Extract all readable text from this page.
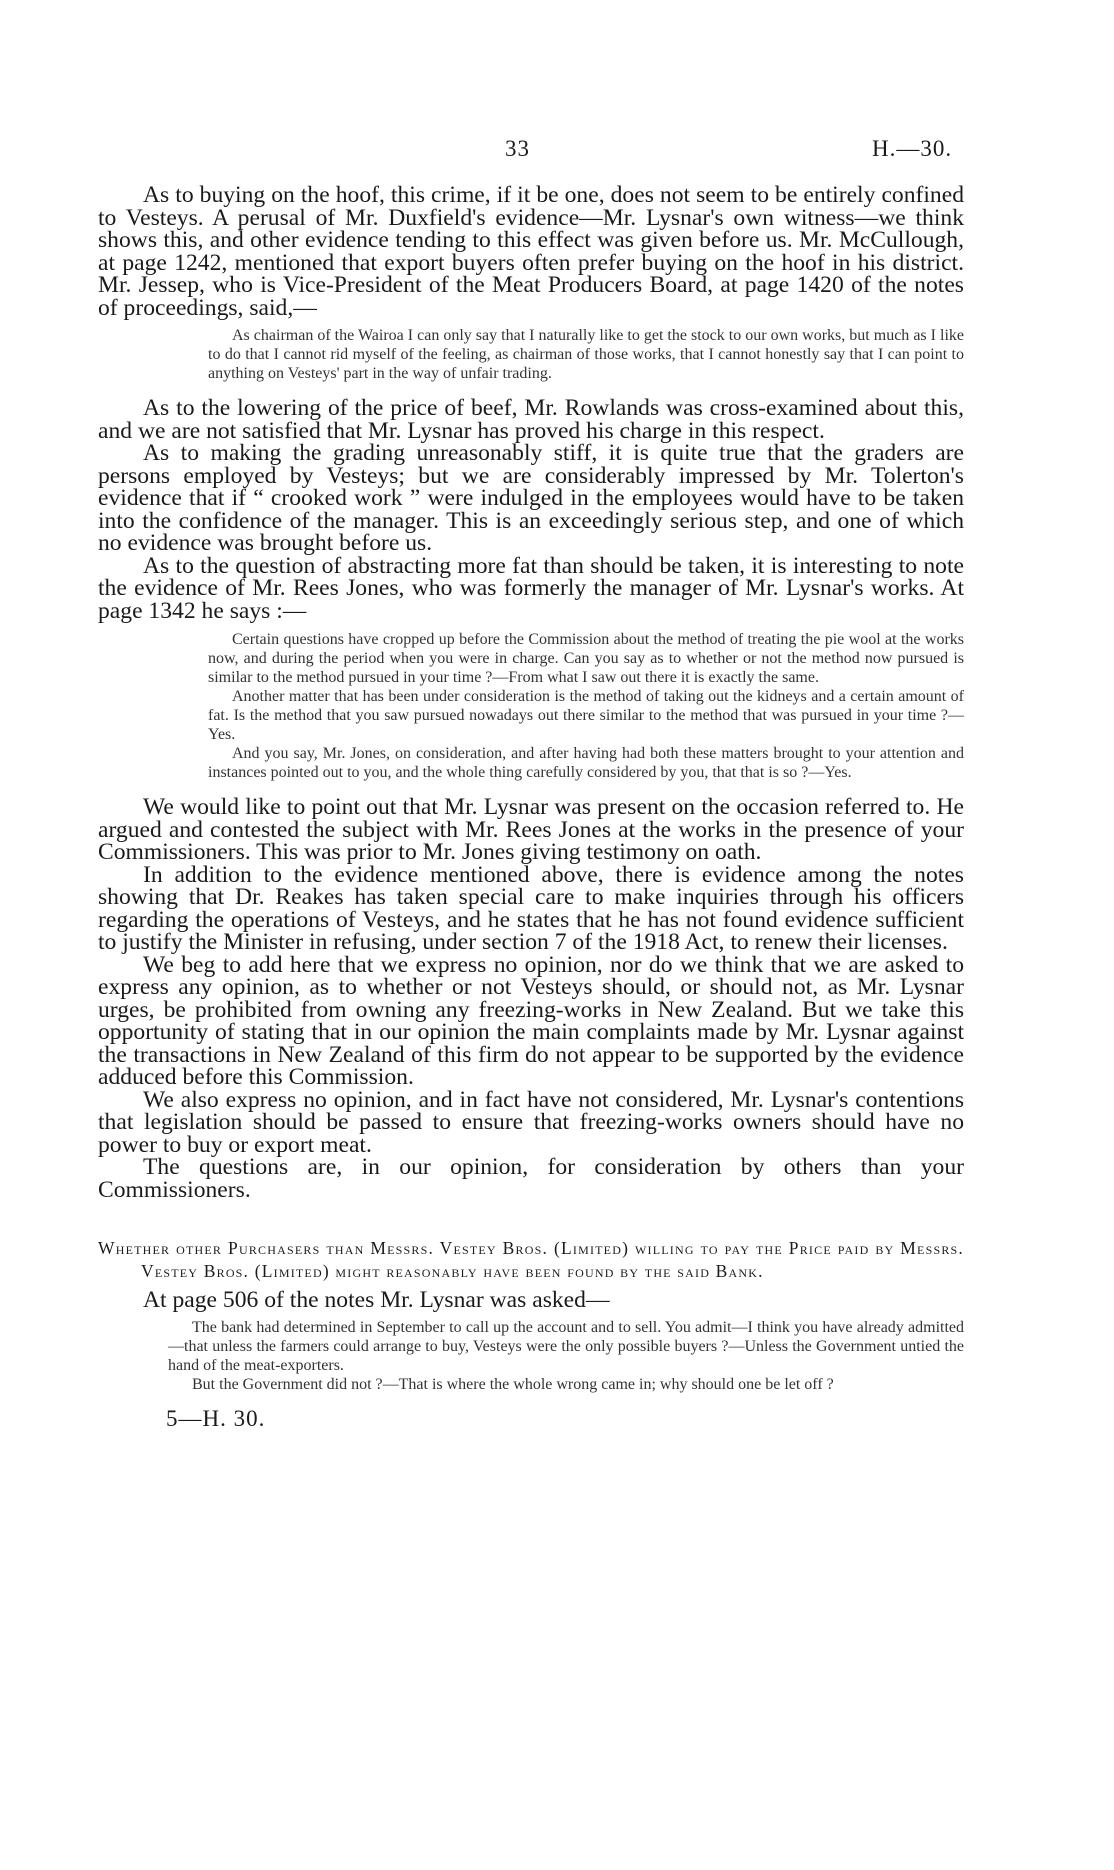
33	H.—30.

As to buying on the hoof, this crime, if it be one, does not seem to be entirely confined to Vesteys. A perusal of Mr. Duxfield's evidence—Mr. Lysnar's own witness—we think shows this, and other evidence tending to this effect was given before us. Mr. McCullough, at page 1242, mentioned that export buyers often prefer buying on the hoof in his district. Mr. Jessep, who is Vice-President of the Meat Producers Board, at page 1420 of the notes of proceedings, said,—

As chairman of the Wairoa I can only say that I naturally like to get the stock to our own works, but much as I like to do that I cannot rid myself of the feeling, as chairman of those works, that I cannot honestly say that I can point to anything on Vesteys' part in the way of unfair trading.

As to the lowering of the price of beef, Mr. Rowlands was cross-examined about this, and we are not satisfied that Mr. Lysnar has proved his charge in this respect.

As to making the grading unreasonably stiff, it is quite true that the graders are persons employed by Vesteys; but we are considerably impressed by Mr. Tolerton's evidence that if “ crooked work ” were indulged in the employees would have to be taken into the confidence of the manager. This is an exceedingly serious step, and one of which no evidence was brought before us.

As to the question of abstracting more fat than should be taken, it is interesting to note the evidence of Mr. Rees Jones, who was formerly the manager of Mr. Lysnar's works. At page 1342 he says :—

Certain questions have cropped up before the Commission about the method of treating the pie wool at the works now, and during the period when you were in charge. Can you say as to whether or not the method now pursued is similar to the method pursued in your time ?—From what I saw out there it is exactly the same.

Another matter that has been under consideration is the method of taking out the kidneys and a certain amount of fat. Is the method that you saw pursued nowadays out there similar to the method that was pursued in your time ?—Yes.

And you say, Mr. Jones, on consideration, and after having had both these matters brought to your attention and instances pointed out to you, and the whole thing carefully considered by you, that that is so ?—Yes.

We would like to point out that Mr. Lysnar was present on the occasion referred to. He argued and contested the subject with Mr. Rees Jones at the works in the presence of your Commissioners. This was prior to Mr. Jones giving testimony on oath.

In addition to the evidence mentioned above, there is evidence among the notes showing that Dr. Reakes has taken special care to make inquiries through his officers regarding the operations of Vesteys, and he states that he has not found evidence sufficient to justify the Minister in refusing, under section 7 of the 1918 Act, to renew their licenses.

We beg to add here that we express no opinion, nor do we think that we are asked to express any opinion, as to whether or not Vesteys should, or should not, as Mr. Lysnar urges, be prohibited from owning any freezing-works in New Zealand. But we take this opportunity of stating that in our opinion the main complaints made by Mr. Lysnar against the transactions in New Zealand of this firm do not appear to be supported by the evidence adduced before this Commission.

We also express no opinion, and in fact have not considered, Mr. Lysnar's contentions that legislation should be passed to ensure that freezing-works owners should have no power to buy or export meat.

The questions are, in our opinion, for consideration by others than your Commissioners.

Whether other Purchasers than Messrs. Vestey Bros. (Limited) willing to pay the Price paid by Messrs. Vestey Bros. (Limited) might reasonably have been found by the said Bank.

At page 506 of the notes Mr. Lysnar was asked—

The bank had determined in September to call up the account and to sell. You admit—I think you have already admitted—that unless the farmers could arrange to buy, Vesteys were the only possible buyers ?—Unless the Government untied the hand of the meat-exporters.

But the Government did not ?—That is where the whole wrong came in; why should one be let off ?

5—H. 30.
